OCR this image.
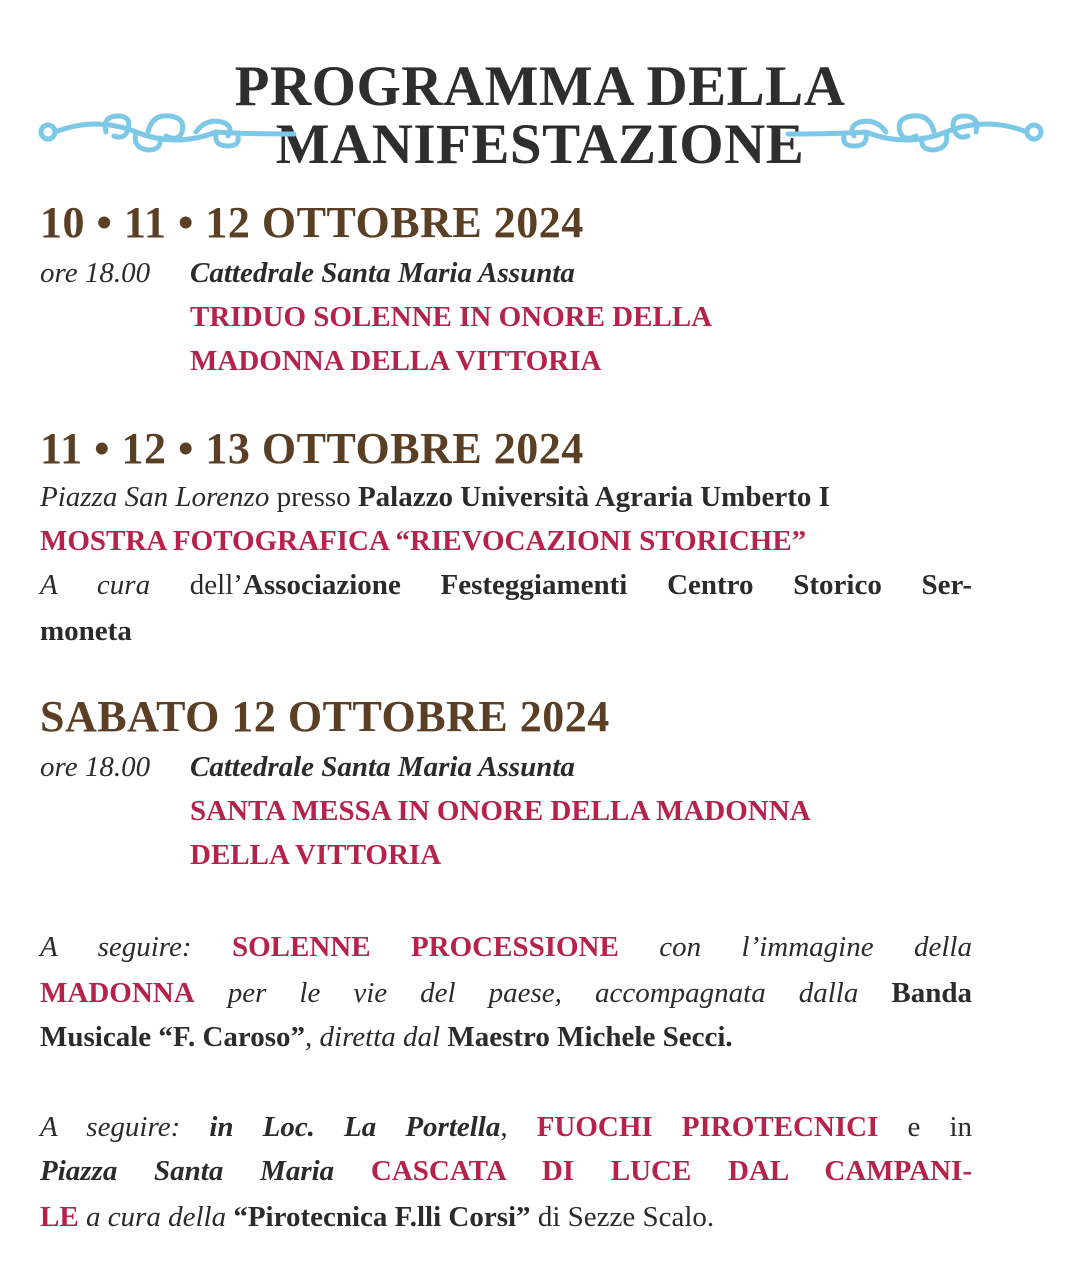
PROGRAMMA DELLA
MANIFESTAZIONE
10 • 11 • 12 OTTOBRE 2024
ore 18.00 Cattedrale Santa Maria Assunta
TRIDUO SOLENNE IN ONORE DELLA
MADONNA DELLA VITTORIA
11 • 12 • 13 OTTOBRE 2024
Piazza San Lorenzo presso Palazzo Università Agraria Umberto I
MOSTRA FOTOGRAFICA “RIEVOCAZIONI STORICHE”
A cura dell’Associazione Festeggiamenti Centro Storico Ser-
moneta
SABATO 12 OTTOBRE 2024
ore 18.00 Cattedrale Santa Maria Assunta
SANTA MESSA IN ONORE DELLA MADONNA
DELLA VITTORIA
A seguire: SOLENNE PROCESSIONE con l’immagine della
MADONNA per le vie del paese, accompagnata dalla Banda
Musicale “F. Caroso”, diretta dal Maestro Michele Secci.
A seguire: in Loc. La Portella, FUOCHI PIROTECNICI e in
Piazza Santa Maria CASCATA DI LUCE DAL CAMPANI-
LE a cura della “Pirotecnica F.lli Corsi” di Sezze Scalo.
